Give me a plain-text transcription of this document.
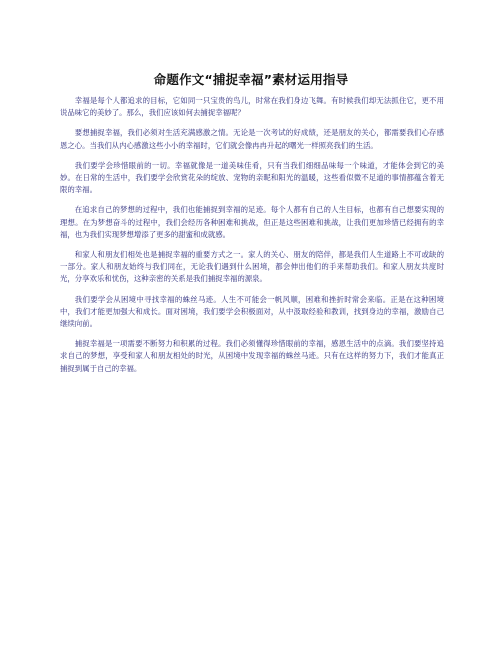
命题作文“捕捉幸福”素材运用指导

幸福是每个人都追求的目标，它如同一只宝贵的鸟儿，时常在我们身边飞舞。有时候我们却无法抓住它，更不用说品味它的美妙了。那么，我们应该如何去捕捉幸福呢？

要想捕捉幸福，我们必须对生活充满感激之情。无论是一次考试的好成绩，还是朋友的关心，都需要我们心存感恩之心。当我们从内心感激这些小小的幸福时，它们就会像冉冉升起的曙光一样照亮我们的生活。

我们要学会珍惜眼前的一切。幸福就像是一道美味佳肴，只有当我们细细品味每一个味道，才能体会到它的美妙。在日常的生活中，我们要学会欣赏花朵的绽放、宠物的亲昵和阳光的温暖，这些看似微不足道的事情都蕴含着无限的幸福。

在追求自己的梦想的过程中，我们也能捕捉到幸福的足迹。每个人都有自己的人生目标，也都有自己想要实现的理想。在为梦想奋斗的过程中，我们会经历各种困难和挑战，但正是这些困难和挑战，让我们更加珍惜已经拥有的幸福，也为我们实现梦想增添了更多的甜蜜和成就感。

和家人和朋友们相处也是捕捉幸福的重要方式之一。家人的关心、朋友的陪伴，都是我们人生道路上不可或缺的一部分。家人和朋友始终与我们同在，无论我们遇到什么困境，都会伸出他们的手来帮助我们。和家人朋友共度时光，分享欢乐和忧伤，这种亲密的关系是我们捕捉幸福的源泉。

我们要学会从困境中寻找幸福的蛛丝马迹。人生不可能会一帆风顺，困难和挫折时常会来临。正是在这种困境中，我们才能更加强大和成长。面对困境，我们要学会积极面对，从中汲取经验和教训，找到身边的幸福，激励自己继续向前。

捕捉幸福是一项需要不断努力和积累的过程。我们必须懂得珍惜眼前的幸福，感恩生活中的点滴。我们要坚持追求自己的梦想，享受和家人和朋友相处的时光，从困境中发现幸福的蛛丝马迹。只有在这样的努力下，我们才能真正捕捉到属于自己的幸福。
